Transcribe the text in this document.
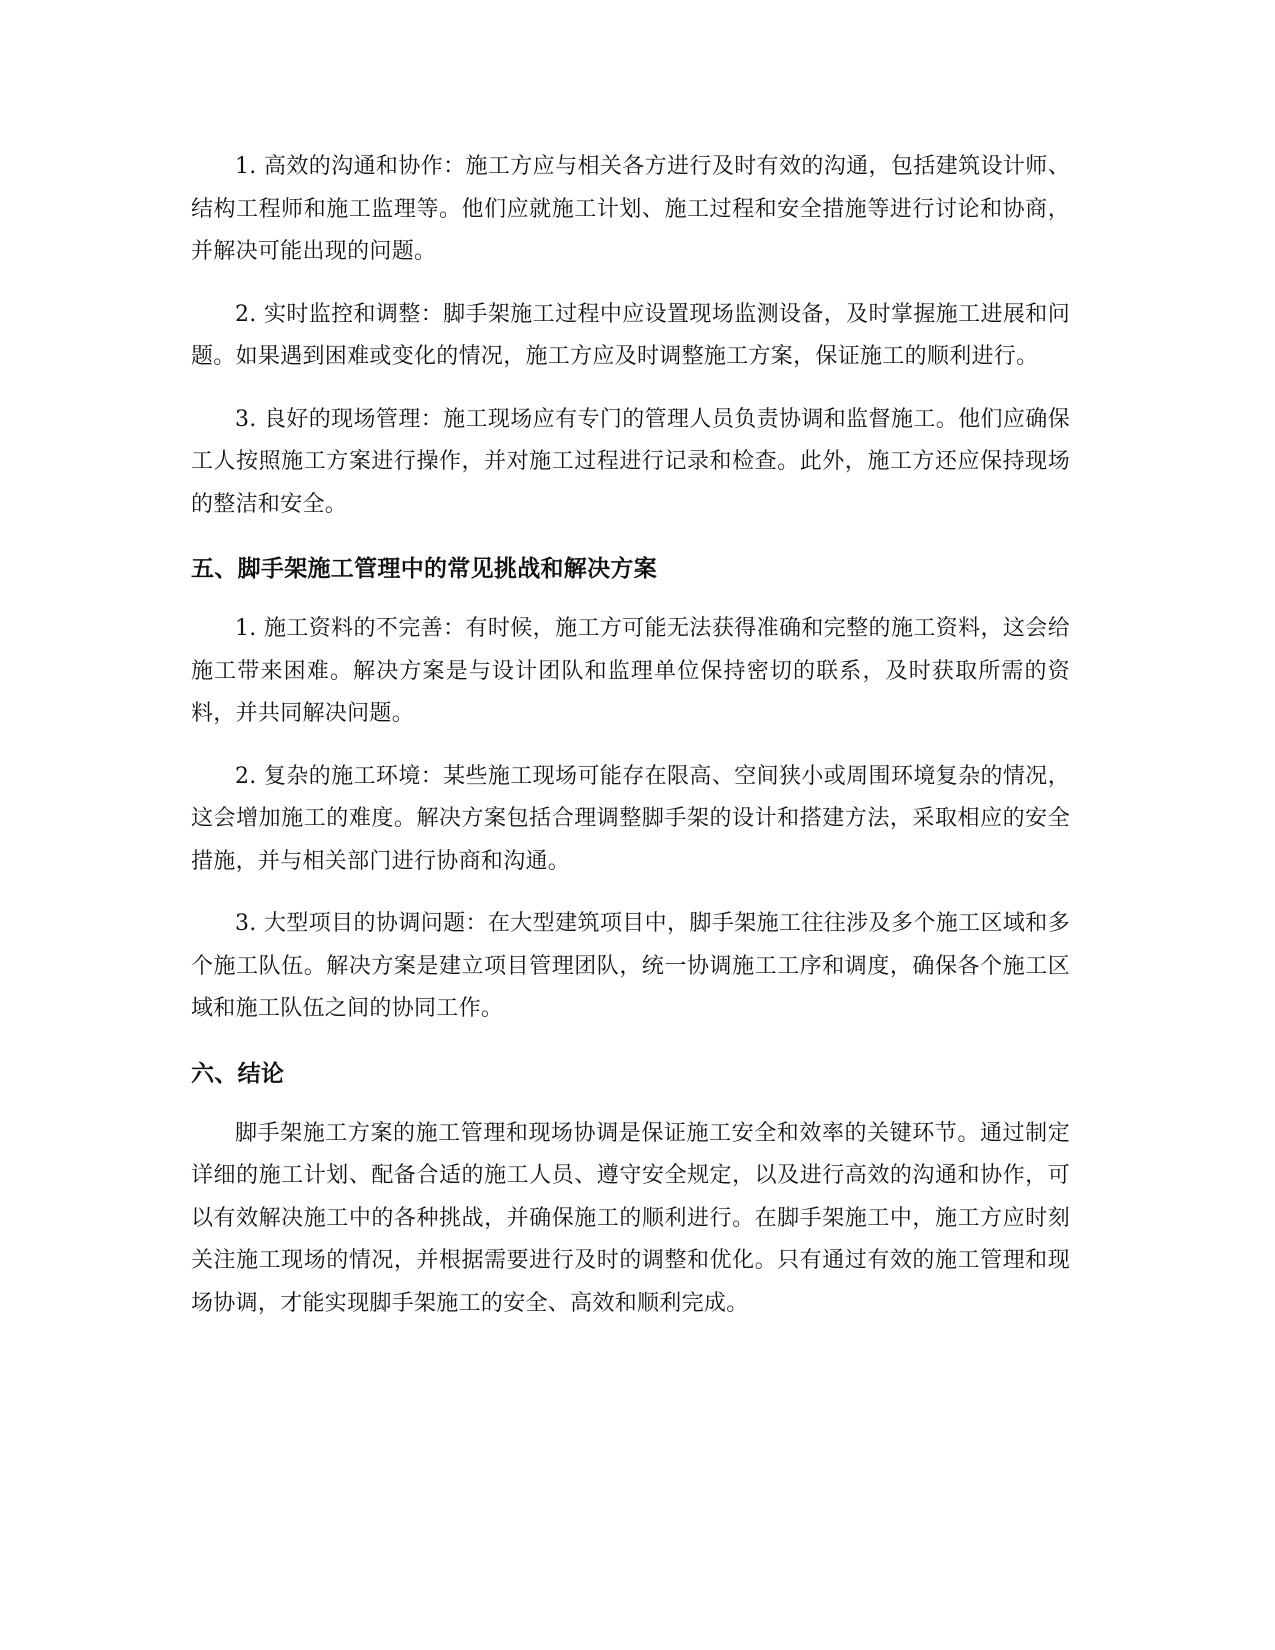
1. 高效的沟通和协作：施工方应与相关各方进行及时有效的沟通，包括建筑设计师、结构工程师和施工监理等。他们应就施工计划、施工过程和安全措施等进行讨论和协商，并解决可能出现的问题。

2. 实时监控和调整：脚手架施工过程中应设置现场监测设备，及时掌握施工进展和问题。如果遇到困难或变化的情况，施工方应及时调整施工方案，保证施工的顺利进行。

3. 良好的现场管理：施工现场应有专门的管理人员负责协调和监督施工。他们应确保工人按照施工方案进行操作，并对施工过程进行记录和检查。此外，施工方还应保持现场的整洁和安全。

五、脚手架施工管理中的常见挑战和解决方案

1. 施工资料的不完善：有时候，施工方可能无法获得准确和完整的施工资料，这会给施工带来困难。解决方案是与设计团队和监理单位保持密切的联系，及时获取所需的资料，并共同解决问题。

2. 复杂的施工环境：某些施工现场可能存在限高、空间狭小或周围环境复杂的情况，这会增加施工的难度。解决方案包括合理调整脚手架的设计和搭建方法，采取相应的安全措施，并与相关部门进行协商和沟通。

3. 大型项目的协调问题：在大型建筑项目中，脚手架施工往往涉及多个施工区域和多个施工队伍。解决方案是建立项目管理团队，统一协调施工工序和调度，确保各个施工区域和施工队伍之间的协同工作。

六、结论

脚手架施工方案的施工管理和现场协调是保证施工安全和效率的关键环节。通过制定详细的施工计划、配备合适的施工人员、遵守安全规定，以及进行高效的沟通和协作，可以有效解决施工中的各种挑战，并确保施工的顺利进行。在脚手架施工中，施工方应时刻关注施工现场的情况，并根据需要进行及时的调整和优化。只有通过有效的施工管理和现场协调，才能实现脚手架施工的安全、高效和顺利完成。
